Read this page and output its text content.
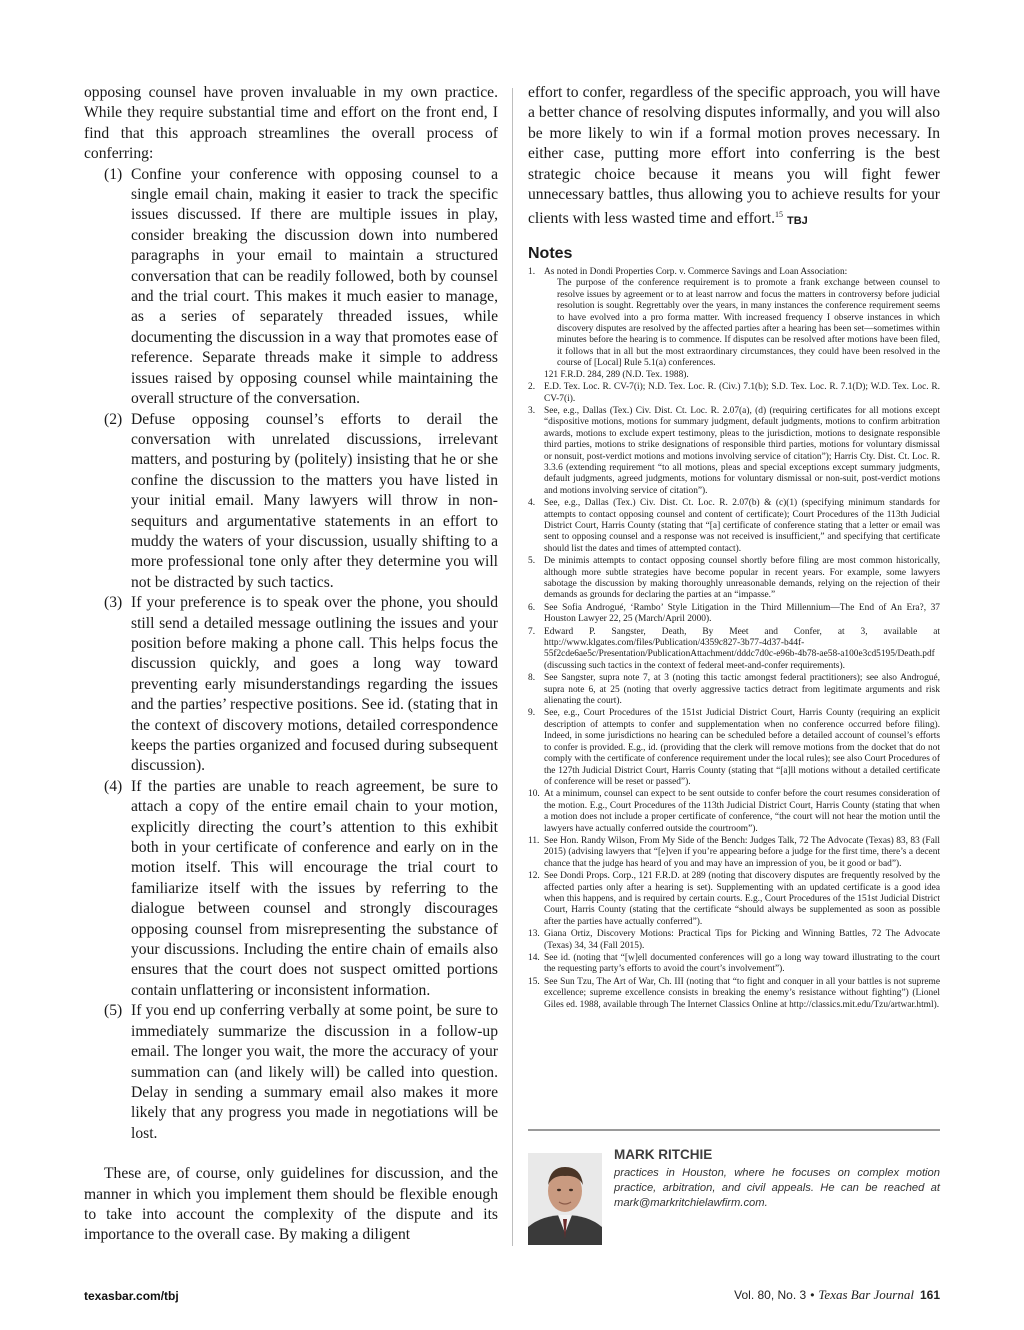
opposing counsel have proven invaluable in my own practice. While they require substantial time and effort on the front end, I find that this approach streamlines the overall process of conferring:

(1) Confine your conference with opposing counsel to a single email chain, making it easier to track the specific issues discussed. If there are multiple issues in play, consider breaking the discussion down into numbered paragraphs in your email to maintain a structured conversation that can be readily followed, both by counsel and the trial court. This makes it much easier to manage, as a series of separately threaded issues, while documenting the discussion in a way that promotes ease of reference. Separate threads make it simple to address issues raised by opposing counsel while maintaining the overall structure of the conversation.
(2) Defuse opposing counsel’s efforts to derail the conversation with unrelated discussions, irrelevant matters, and posturing by (politely) insisting that he or she confine the discussion to the matters you have listed in your initial email. Many lawyers will throw in non-sequiturs and argumentative statements in an effort to muddy the waters of your discussion, usually shifting to a more professional tone only after they determine you will not be distracted by such tactics.
(3) If your preference is to speak over the phone, you should still send a detailed message outlining the issues and your position before making a phone call. This helps focus the discussion quickly, and goes a long way toward preventing early misunderstandings regarding the issues and the parties’ respective positions. See id. (stating that in the context of discovery motions, detailed correspondence keeps the parties organized and focused during subsequent discussion).
(4) If the parties are unable to reach agreement, be sure to attach a copy of the entire email chain to your motion, explicitly directing the court’s attention to this exhibit both in your certificate of conference and early on in the motion itself. This will encourage the trial court to familiarize itself with the issues by referring to the dialogue between counsel and strongly discourages opposing counsel from misrepresenting the substance of your discussions. Including the entire chain of emails also ensures that the court does not suspect omitted portions contain unflattering or inconsistent information.
(5) If you end up conferring verbally at some point, be sure to immediately summarize the discussion in a follow-up email. The longer you wait, the more the accuracy of your summation can (and likely will) be called into question. Delay in sending a summary email also makes it more likely that any progress you made in negotiations will be lost.

These are, of course, only guidelines for discussion, and the manner in which you implement them should be flexible enough to take into account the complexity of the dispute and its importance to the overall case. By making a diligent

effort to confer, regardless of the specific approach, you will have a better chance of resolving disputes informally, and you will also be more likely to win if a formal motion proves necessary. In either case, putting more effort into conferring is the best strategic choice because it means you will fight fewer unnecessary battles, thus allowing you to achieve results for your clients with less wasted time and effort.$^{15}$ TBJ

Notes
1. As noted in Dondi Properties Corp. v. Commerce Savings and Loan Association:
The purpose of the conference requirement is to promote a frank exchange between counsel to resolve issues by agreement or to at least narrow and focus the matters in controversy before judicial resolution is sought. Regrettably over the years, in many instances the conference requirement seems to have evolved into a pro forma matter. With increased frequency I observe instances in which discovery disputes are resolved by the affected parties after a hearing has been set—sometimes within minutes before the hearing is to commence. If disputes can be resolved after motions have been filed, it follows that in all but the most extraordinary circumstances, they could have been resolved in the course of [Local] Rule 5.1(a) conferences.
121 F.R.D. 284, 289 (N.D. Tex. 1988).
2. E.D. Tex. Loc. R. CV-7(i); N.D. Tex. Loc. R. (Civ.) 7.1(b); S.D. Tex. Loc. R. 7.1(D); W.D. Tex. Loc. R. CV-7(i).
3. See, e.g., Dallas (Tex.) Civ. Dist. Ct. Loc. R. 2.07(a), (d) (requiring certificates for all motions except “dispositive motions, motions for summary judgment, default judgments, motions to confirm arbitration awards, motions to exclude expert testimony, pleas to the jurisdiction, motions to designate responsible third parties, motions to strike designations of responsible third parties, motions for voluntary dismissal or nonsuit, post-verdict motions and motions involving service of citation”); Harris Cty. Dist. Ct. Loc. R. 3.3.6 (extending requirement “to all motions, pleas and special exceptions except summary judgments, default judgments, agreed judgments, motions for voluntary dismissal or non-suit, post-verdict motions and motions involving service of citation”).
4. See, e.g., Dallas (Tex.) Civ. Dist. Ct. Loc. R. 2.07(b) & (c)(1) (specifying minimum standards for attempts to contact opposing counsel and content of certificate); Court Procedures of the 113th Judicial District Court, Harris County (stating that “[a] certificate of conference stating that a letter or email was sent to opposing counsel and a response was not received is insufficient,” and specifying that certificate should list the dates and times of attempted contact).
5. De minimis attempts to contact opposing counsel shortly before filing are most common historically, although more subtle strategies have become popular in recent years. For example, some lawyers sabotage the discussion by making thoroughly unreasonable demands, relying on the rejection of their demands as grounds for declaring the parties at an “impasse.”
6. See Sofia Androgué, ‘Rambo’ Style Litigation in the Third Millennium—The End of An Era?, 37 Houston Lawyer 22, 25 (March/April 2000).
7. Edward P. Sangster, Death, By Meet and Confer, at 3, available at http://www.klgates.com/files/Publication/4359c827-3b77-4d37-b44f-55f2cde6ae5c/Presentation/PublicationAttachment/dddc7d0c-e96b-4b78-ae58-a100e3cd5195/Death.pdf (discussing such tactics in the context of federal meet-and-confer requirements).
8. See Sangster, supra note 7, at 3 (noting this tactic amongst federal practitioners); see also Androgué, supra note 6, at 25 (noting that overly aggressive tactics detract from legitimate arguments and risk alienating the court).
9. See, e.g., Court Procedures of the 151st Judicial District Court, Harris County (requiring an explicit description of attempts to confer and supplementation when no conference occurred before filing). Indeed, in some jurisdictions no hearing can be scheduled before a detailed account of counsel’s efforts to confer is provided. E.g., id. (providing that the clerk will remove motions from the docket that do not comply with the certificate of conference requirement under the local rules); see also Court Procedures of the 127th Judicial District Court, Harris County (stating that “[a]ll motions without a detailed certificate of conference will be reset or passed”).
10. At a minimum, counsel can expect to be sent outside to confer before the court resumes consideration of the motion. E.g., Court Procedures of the 113th Judicial District Court, Harris County (stating that when a motion does not include a proper certificate of conference, “the court will not hear the motion until the lawyers have actually conferred outside the courtroom”).
11. See Hon. Randy Wilson, From My Side of the Bench: Judges Talk, 72 The Advocate (Texas) 83, 83 (Fall 2015) (advising lawyers that “[e]ven if you’re appearing before a judge for the first time, there’s a decent chance that the judge has heard of you and may have an impression of you, be it good or bad”).
12. See Dondi Props. Corp., 121 F.R.D. at 289 (noting that discovery disputes are frequently resolved by the affected parties only after a hearing is set). Supplementing with an updated certificate is a good idea when this happens, and is required by certain courts. E.g., Court Procedures of the 151st Judicial District Court, Harris County (stating that the certificate “should always be supplemented as soon as possible after the parties have actually conferred”).
13. Giana Ortiz, Discovery Motions: Practical Tips for Picking and Winning Battles, 72 The Advocate (Texas) 34, 34 (Fall 2015).
14. See id. (noting that “[w]ell documented conferences will go a long way toward illustrating to the court the requesting party’s efforts to avoid the court’s involvement”).
15. See Sun Tzu, The Art of War, Ch. III (noting that “to fight and conquer in all your battles is not supreme excellence; supreme excellence consists in breaking the enemy’s resistance without fighting”) (Lionel Giles ed. 1988, available through The Internet Classics Online at http://classics.mit.edu/Tzu/artwar.html).
MARK RITCHIE
practices in Houston, where he focuses on complex motion practice, arbitration, and civil appeals. He can be reached at mark@markritchielawfirm.com.
texasbar.com/tbj	Vol. 80, No. 3 • Texas Bar Journal 161
